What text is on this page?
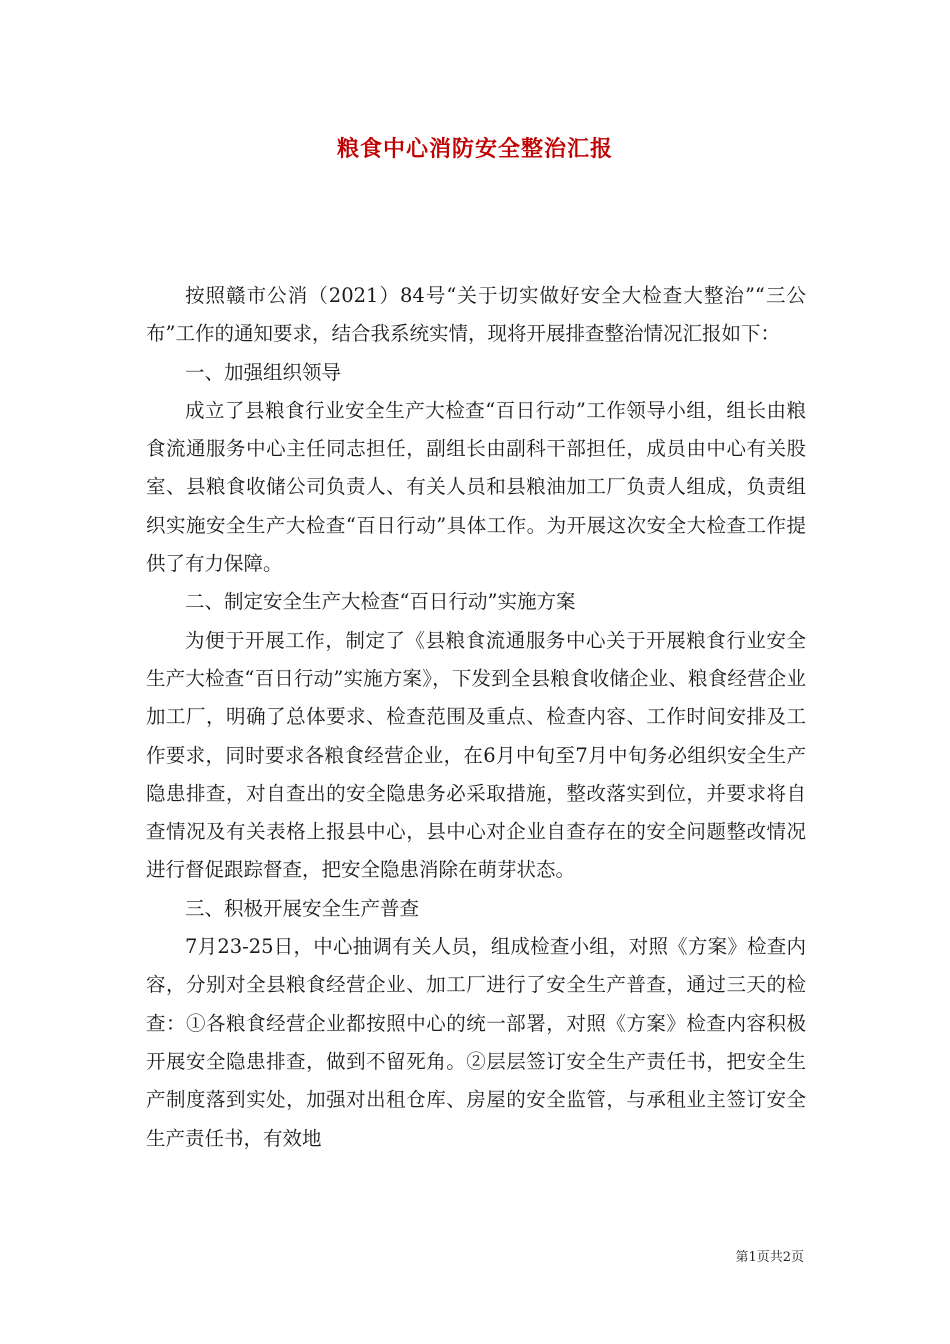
粮食中心消防安全整治汇报

按照赣市公消（2021）84号“关于切实做好安全大检查大整治”“三公布”工作的通知要求，结合我系统实情，现将开展排查整治情况汇报如下：

一、加强组织领导

成立了县粮食行业安全生产大检查“百日行动”工作领导小组，组长由粮食流通服务中心主任同志担任，副组长由副科干部担任，成员由中心有关股室、县粮食收储公司负责人、有关人员和县粮油加工厂负责人组成，负责组织实施安全生产大检查“百日行动”具体工作。为开展这次安全大检查工作提供了有力保障。

二、制定安全生产大检查“百日行动”实施方案

为便于开展工作，制定了《县粮食流通服务中心关于开展粮食行业安全生产大检查“百日行动”实施方案》，下发到全县粮食收储企业、粮食经营企业加工厂，明确了总体要求、检查范围及重点、检查内容、工作时间安排及工作要求，同时要求各粮食经营企业，在6月中旬至7月中旬务必组织安全生产隐患排查，对自查出的安全隐患务必采取措施，整改落实到位，并要求将自查情况及有关表格上报县中心，县中心对企业自查存在的安全问题整改情况进行督促跟踪督查，把安全隐患消除在萌芽状态。

三、积极开展安全生产普查

7月23-25日，中心抽调有关人员，组成检查小组，对照《方案》检查内容，分别对全县粮食经营企业、加工厂进行了安全生产普查，通过三天的检查：①各粮食经营企业都按照中心的统一部署，对照《方案》检查内容积极开展安全隐患排查，做到不留死角。②层层签订安全生产责任书，把安全生产制度落到实处，加强对出租仓库、房屋的安全监管，与承租业主签订安全生产责任书，有效地

第1页共2页
